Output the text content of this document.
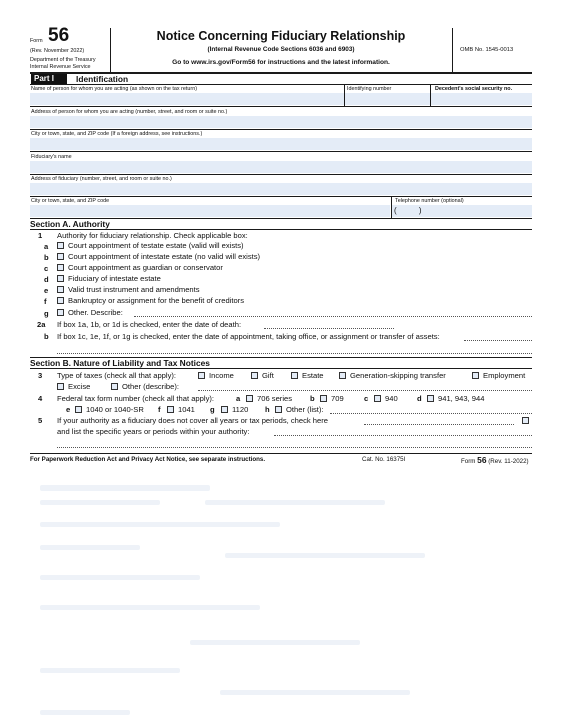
Form 56
(Rev. November 2022)
Department of the Treasury
Internal Revenue Service
Notice Concerning Fiduciary Relationship
(Internal Revenue Code Sections 6036 and 6903)
Go to www.irs.gov/Form56 for instructions and the latest information.
OMB No. 1545-0013
Part I	Identification
Name of person for whom you are acting (as shown on the tax return)	Identifying number	Decedent's social security no.
Address of person for whom you are acting (number, street, and room or suite no.)
City or town, state, and ZIP code (If a foreign address, see instructions.)
Fiduciary's name
Address of fiduciary (number, street, and room or suite no.)
City or town, state, and ZIP code	Telephone number (optional)
(          )
Section A. Authority
1 Authority for fiduciary relationship. Check applicable box:
a	Court appointment of testate estate (valid will exists)
b	Court appointment of intestate estate (no valid will exists)
c	Court appointment as guardian or conservator
d	Fiduciary of intestate estate
e	Valid trust instrument and amendments
f	Bankruptcy or assignment for the benefit of creditors
g	Other. Describe:
2a If box 1a, 1b, or 1d is checked, enter the date of death:
b If box 1c, 1e, 1f, or 1g is checked, enter the date of appointment, taking office, or assignment or transfer of assets:
Section B. Nature of Liability and Tax Notices
3 Type of taxes (check all that apply):	Income	Gift	Estate	Generation-skipping transfer	Employment
Excise	Other (describe):
4 Federal tax form number (check all that apply):	a 706 series b 709	c 940	d 941, 943, 944
e 1040 or 1040-SR f 1041 g 1120 h Other (list):
5 If your authority as a fiduciary does not cover all years or tax periods, check here
and list the specific years or periods within your authority:
For Paperwork Reduction Act and Privacy Act Notice, see separate instructions.	Cat. No. 16375I	Form 56 (Rev. 11-2022)
